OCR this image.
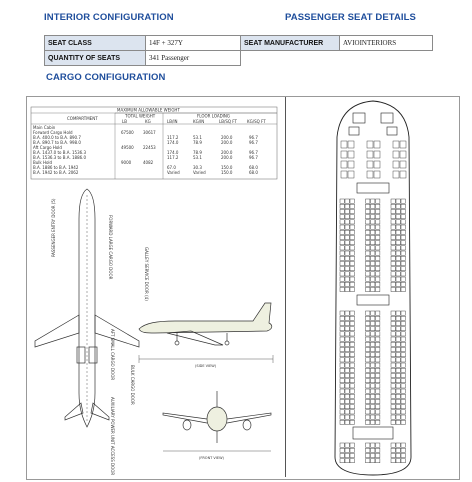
INTERIOR CONFIGURATION	PASSENGER SEAT DETAILS
SEAT CLASS	14F + 327Y	SEAT MANUFACTURER	AVIOINTERIORS
QUANTITY OF SEATS	341 Passenger		
CARGO CONFIGURATION
MAXIMUM ALLOWABLE WEIGHT
COMPARTMENT	TOTAL WEIGHT	FLOOR LOADING
LB	KG	LB/IN	KG/IN	LB/SQ FT	KG/SQ FT
Main Cabin
Forward Cargo Hold	67500 30617
B.A. 400.0 to B.A. 890.7	117.2	53.1	200.0	96.7
B.A. 890.7 to B.A. 998.0	174.0	78.9	200.0	96.7
Aft Cargo Hold	49500 22453
B.A. 1437.0 to B.A. 1536.3	174.0	78.9	200.0	96.7
B.A. 1536.3 to B.A. 1886.0	117.2	53.1	200.0	96.7
Bulk Hold	9000	4082
B.A. 1886 to B.A. 1942	67.0	30.3	150.0	68.0
B.A. 1942 to B.A. 2062	Varied	Varied	150.0	68.0
(SIDE VIEW)
(FRONT VIEW)
FORWARD LARGE CARGO DOOR
PASSENGER ENTRY DOOR (5)
GALLEY SERVICE DOOR (4)
AFT SMALL CARGO DOOR
BULK CARGO DOOR
AUXILIARY POWER UNIT ACCESS DOOR
